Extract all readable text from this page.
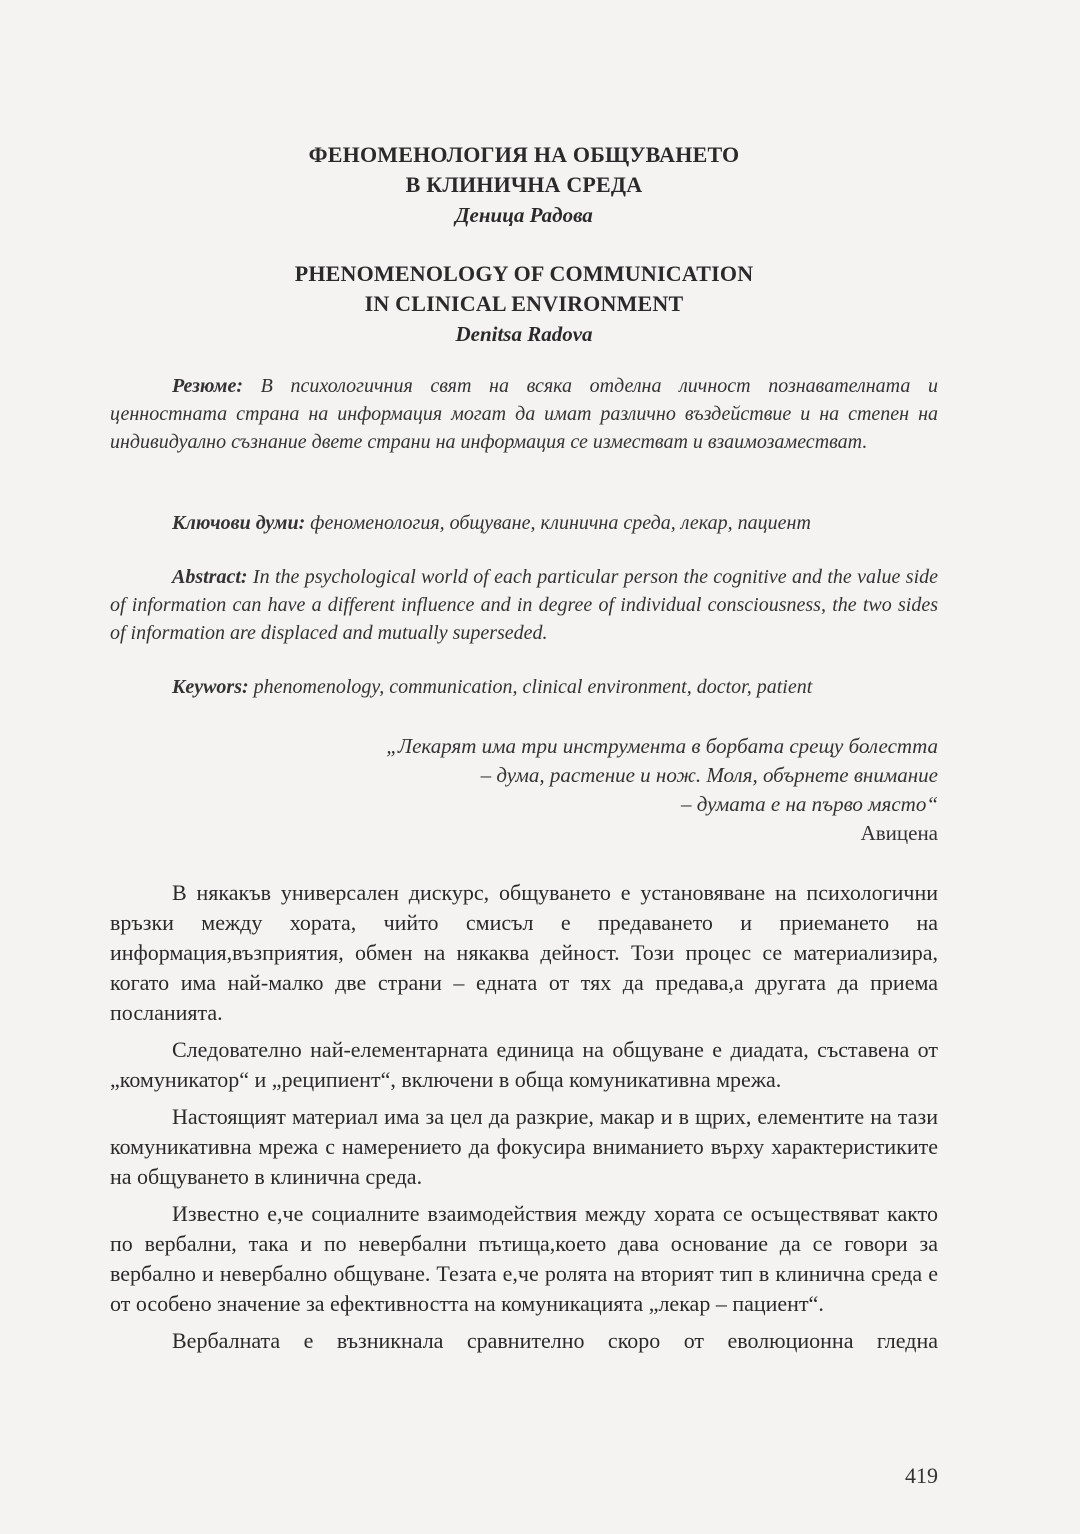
ФЕНОМЕНОЛОГИЯ НА ОБЩУВАНЕТО
В КЛИНИЧНА СРЕДА
Деница Радова
PHENOMENOLOGY OF COMMUNICATION
IN CLINICAL ENVIRONMENT
Denitsa Radova
Резюме: В психологичния свят на всяка отделна личност познавателната и ценностната страна на информация могат да имат различно въздействие и на степен на индивидуално съзнание двете страни на информация се изместват и взаимозаместват.
Ключови думи: феноменология, общуване, клинична среда, лекар, пациент
Abstract: In the psychological world of each particular person the cognitive and the value side of information can have a different influence and in degree of individual consciousness, the two sides of information are displaced and mutually superseded.
Keywors: phenomenology, communication, clinical environment, doctor, patient
„Лекарят има три инструмента в борбата срещу болестта
– дума, растение и нож. Моля, обърнете внимание
– думата е на първо място“
Авицена

В някакъв универсален дискурс, общуването е установяване на психологични връзки между хората, чийто смисъл е предаването и приемането на информация,възприятия, обмен на някаква дейност. Този процес се материализира, когато има най-малко две страни – едната от тях да предава,а другата да приема посланията.

Следователно най-елементарната единица на общуване е диадата, съставена от „комуникатор“ и „реципиент“, включени в обща комуникативна мрежа.

Настоящият материал има за цел да разкрие, макар и в щрих, елементите на тази комуникативна мрежа с намерението да фокусира вниманието върху характеристиките на общуването в клинична среда.

Известно е,че социалните взаимодействия между хората се осъществяват както по вербални, така и по невербални пътища,което дава основание да се говори за вербално и невербално общуване. Тезата е,че ролята на вторият тип в клинична среда е от особено значение за ефективността на комуникацията „лекар – пациент“.

Вербалната е възникнала сравнително скоро от еволюционна гледна

419
